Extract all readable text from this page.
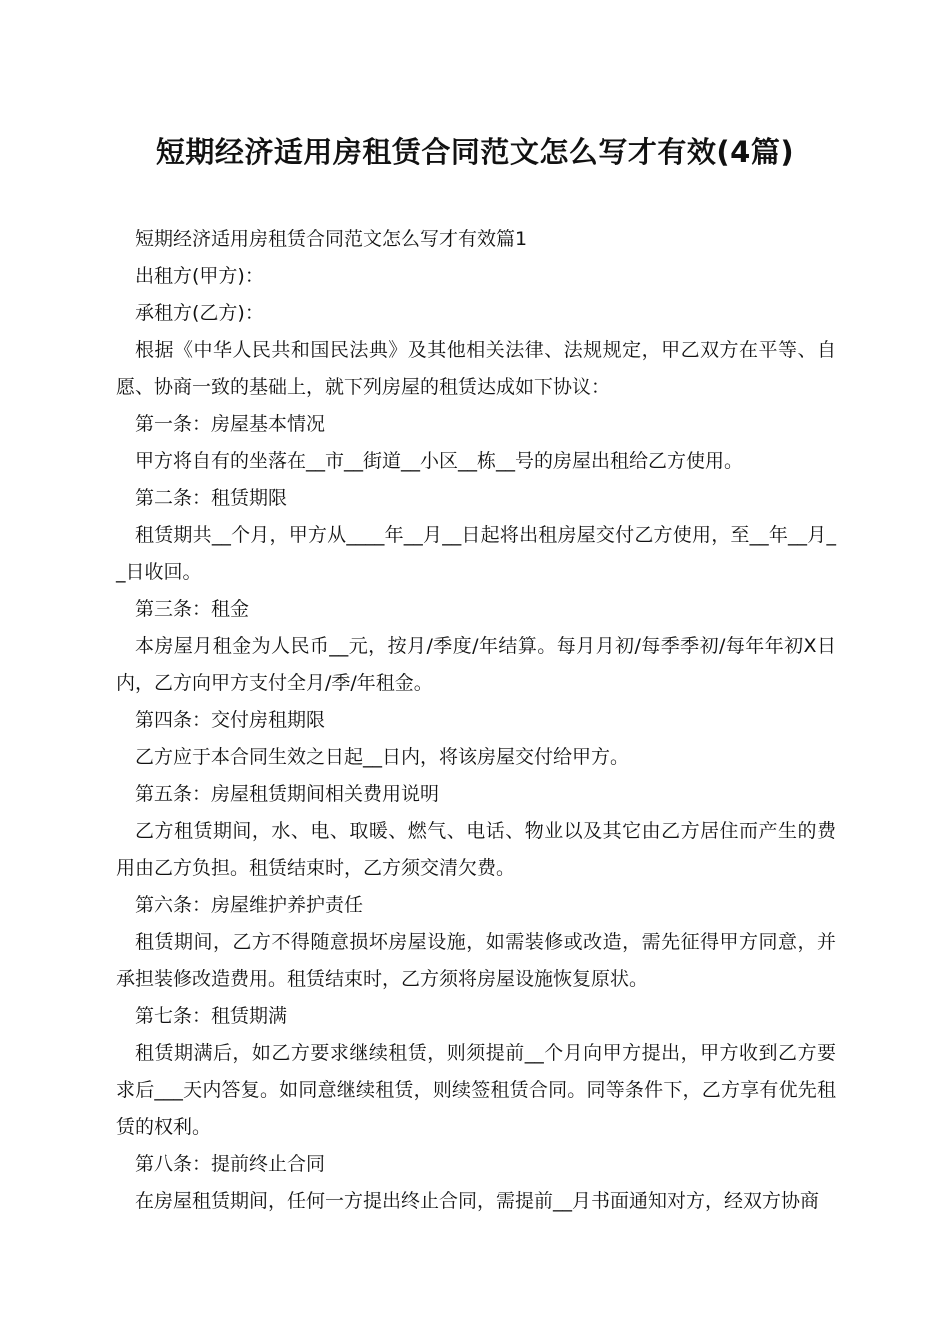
短期经济适用房租赁合同范文怎么写才有效(4篇)

短期经济适用房租赁合同范文怎么写才有效篇1

出租方(甲方)：

承租方(乙方)：

根据《中华人民共和国民法典》及其他相关法律、法规规定，甲乙双方在平等、自愿、协商一致的基础上，就下列房屋的租赁达成如下协议：

第一条：房屋基本情况

甲方将自有的坐落在__市__街道__小区__栋__号的房屋出租给乙方使用。

第二条：租赁期限

租赁期共__个月，甲方从____年__月__日起将出租房屋交付乙方使用，至__年__月__日收回。

第三条：租金

本房屋月租金为人民币__元，按月/季度/年结算。每月月初/每季季初/每年年初X日内，乙方向甲方支付全月/季/年租金。

第四条：交付房租期限

乙方应于本合同生效之日起__日内，将该房屋交付给甲方。

第五条：房屋租赁期间相关费用说明

乙方租赁期间，水、电、取暖、燃气、电话、物业以及其它由乙方居住而产生的费用由乙方负担。租赁结束时，乙方须交清欠费。

第六条：房屋维护养护责任

租赁期间，乙方不得随意损坏房屋设施，如需装修或改造，需先征得甲方同意，并承担装修改造费用。租赁结束时，乙方须将房屋设施恢复原状。

第七条：租赁期满

租赁期满后，如乙方要求继续租赁，则须提前__个月向甲方提出，甲方收到乙方要求后___天内答复。如同意继续租赁，则续签租赁合同。同等条件下，乙方享有优先租赁的权利。

第八条：提前终止合同

在房屋租赁期间，任何一方提出终止合同，需提前__月书面通知对方，经双方协商
